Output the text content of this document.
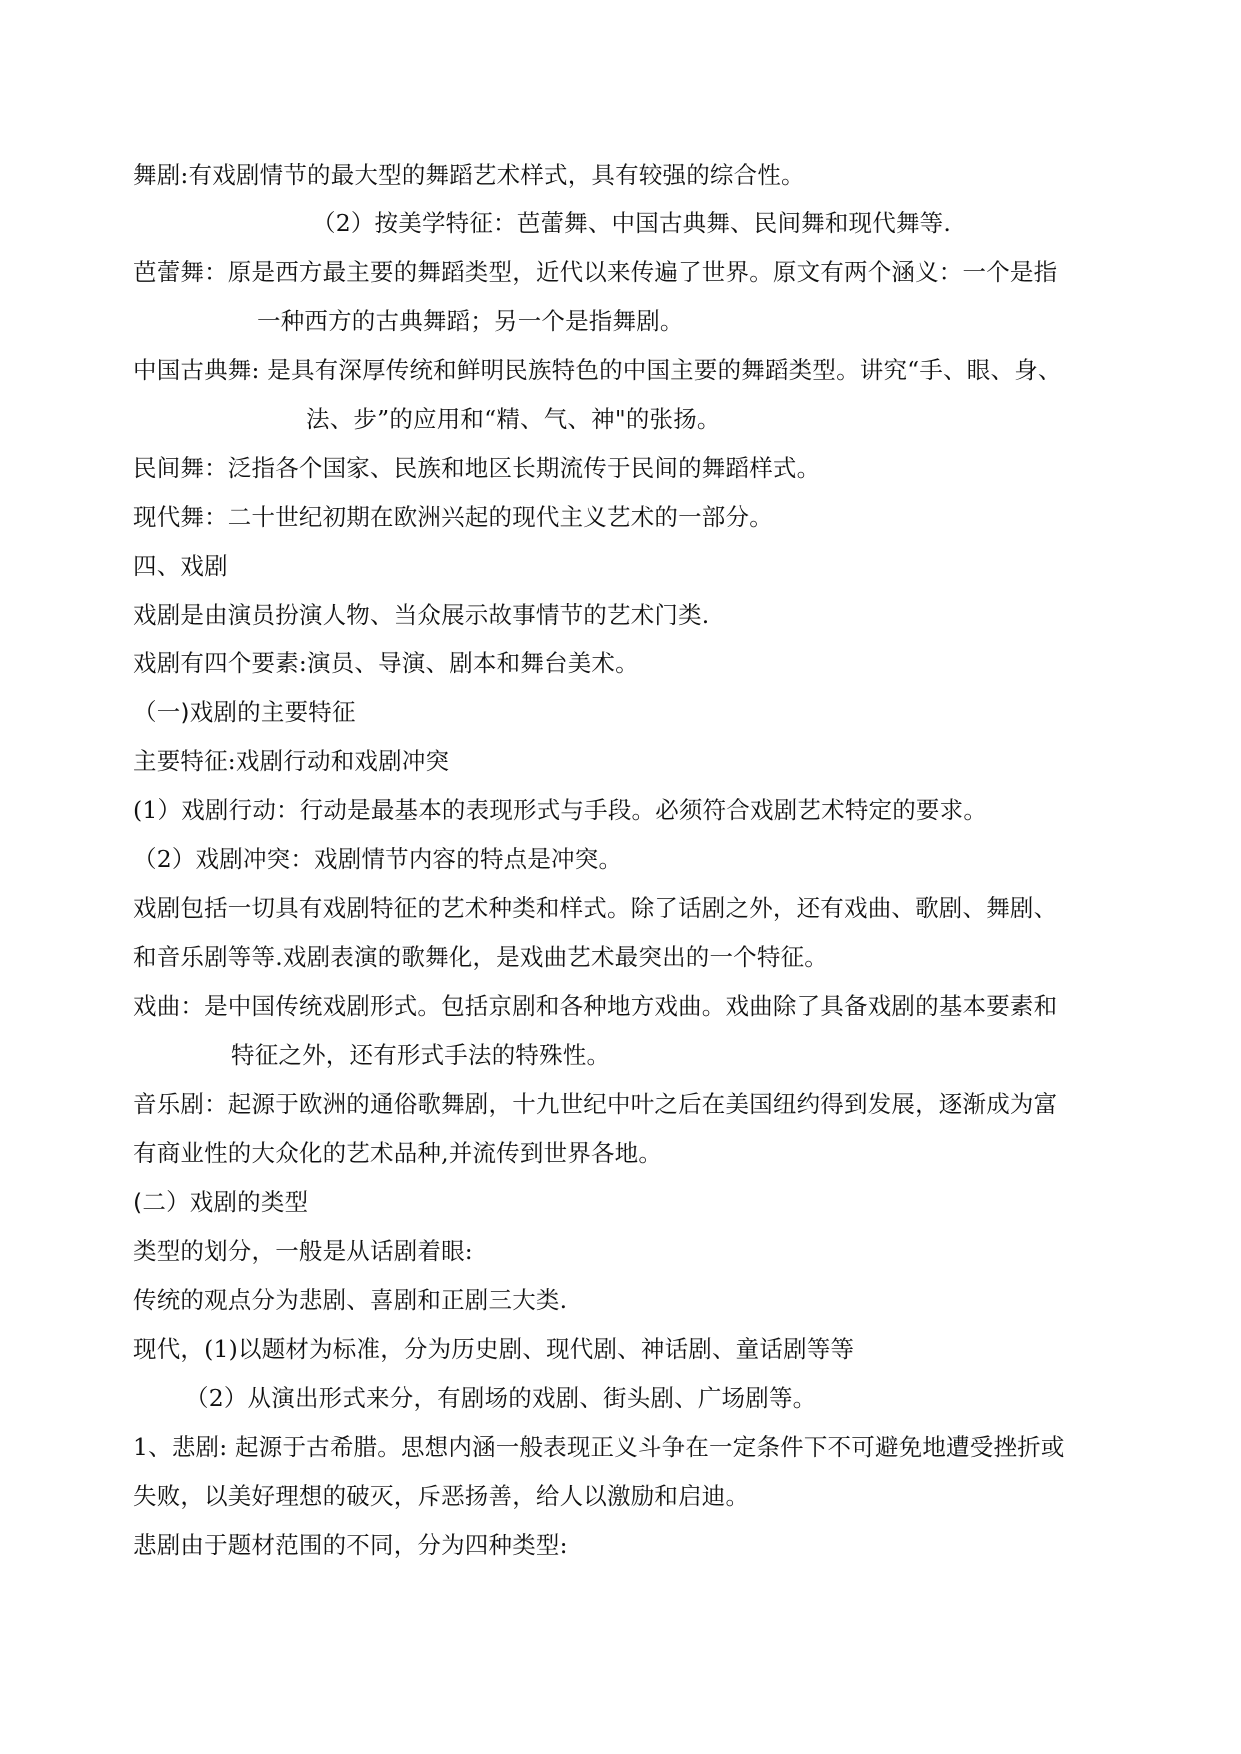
舞剧:有戏剧情节的最大型的舞蹈艺术样式，具有较强的综合性。
（2）按美学特征：芭蕾舞、中国古典舞、民间舞和现代舞等.
芭蕾舞：原是西方最主要的舞蹈类型，近代以来传遍了世界。原文有两个涵义：一个是指
一种西方的古典舞蹈；另一个是指舞剧。
中国古典舞: 是具有深厚传统和鲜明民族特色的中国主要的舞蹈类型。讲究“手、眼、身、
法、步”的应用和“精、气、神"的张扬。
民间舞：泛指各个国家、民族和地区长期流传于民间的舞蹈样式。
现代舞：二十世纪初期在欧洲兴起的现代主义艺术的一部分。
四、戏剧
戏剧是由演员扮演人物、当众展示故事情节的艺术门类.
戏剧有四个要素:演员、导演、剧本和舞台美术。
（一)戏剧的主要特征
主要特征:戏剧行动和戏剧冲突
(1）戏剧行动：行动是最基本的表现形式与手段。必须符合戏剧艺术特定的要求。
（2）戏剧冲突：戏剧情节内容的特点是冲突。
戏剧包括一切具有戏剧特征的艺术种类和样式。除了话剧之外，还有戏曲、歌剧、舞剧、
和音乐剧等等.戏剧表演的歌舞化，是戏曲艺术最突出的一个特征。
戏曲：是中国传统戏剧形式。包括京剧和各种地方戏曲。戏曲除了具备戏剧的基本要素和
特征之外，还有形式手法的特殊性。
音乐剧：起源于欧洲的通俗歌舞剧，十九世纪中叶之后在美国纽约得到发展，逐渐成为富
有商业性的大众化的艺术品种,并流传到世界各地。
(二）戏剧的类型
类型的划分，一般是从话剧着眼:
传统的观点分为悲剧、喜剧和正剧三大类.
现代，(1)以题材为标准，分为历史剧、现代剧、神话剧、童话剧等等
（2）从演出形式来分，有剧场的戏剧、街头剧、广场剧等。
1、悲剧: 起源于古希腊。思想内涵一般表现正义斗争在一定条件下不可避免地遭受挫折或
失败，以美好理想的破灭，斥恶扬善，给人以激励和启迪。
悲剧由于题材范围的不同，分为四种类型:
